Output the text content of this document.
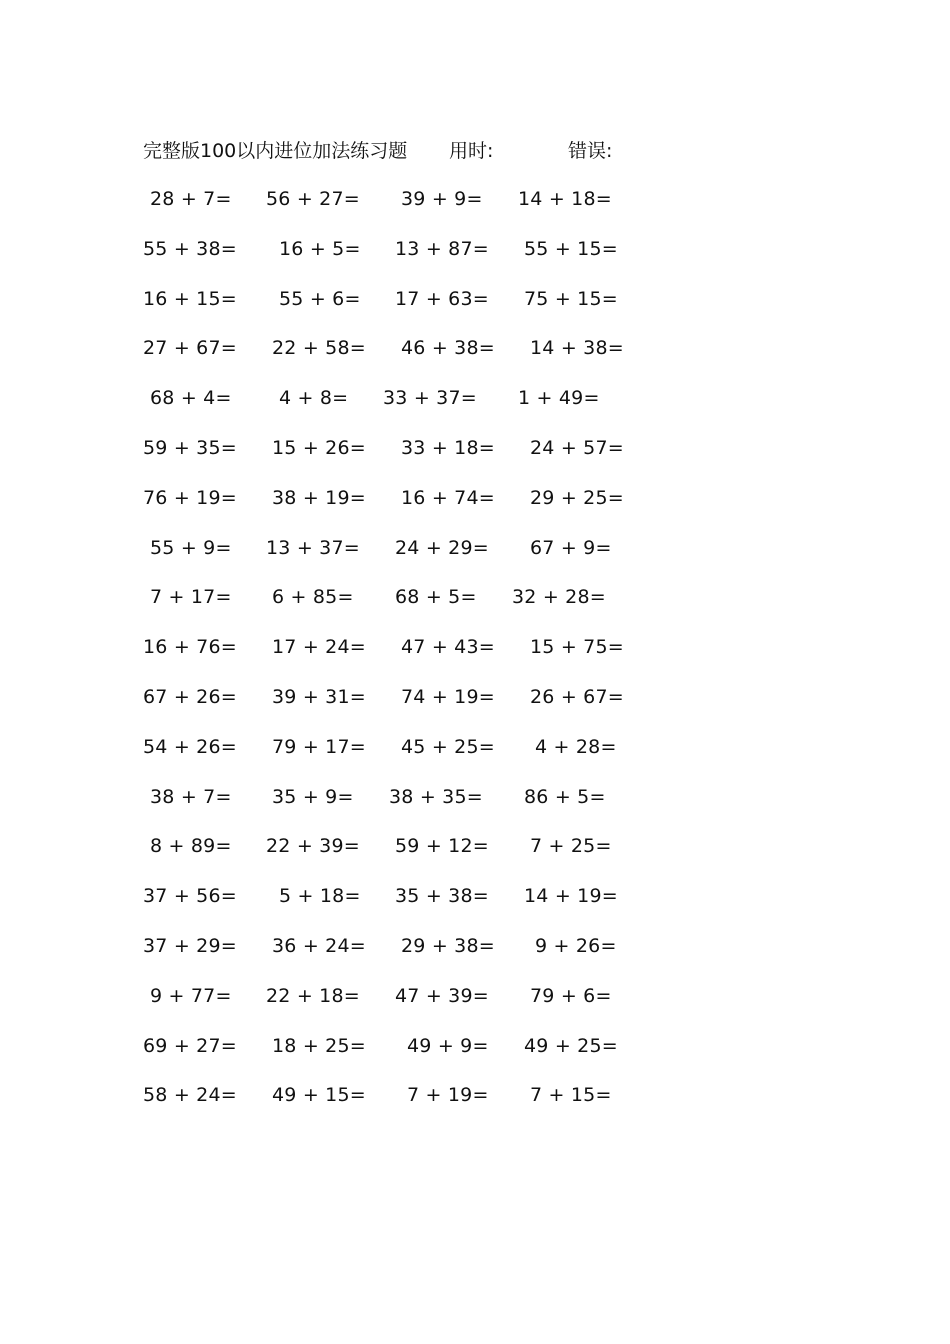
完整版100以内进位加法练习题 用时:	错误:
28 + 7= 56 + 27= 39 + 9= 14 + 18=
55 + 38= 16 + 5= 13 + 87= 55 + 15=
16 + 15= 55 + 6= 17 + 63= 75 + 15=
27 + 67= 22 + 58= 46 + 38= 14 + 38=
68 + 4= 4 + 8= 33 + 37= 1 + 49=
59 + 35= 15 + 26= 33 + 18= 24 + 57=
76 + 19= 38 + 19= 16 + 74= 29 + 25=
55 + 9= 13 + 37= 24 + 29= 67 + 9=
7 + 17= 6 + 85= 68 + 5= 32 + 28=
16 + 76= 17 + 24= 47 + 43= 15 + 75=
67 + 26= 39 + 31= 74 + 19= 26 + 67=
54 + 26= 79 + 17= 45 + 25= 4 + 28=
38 + 7= 35 + 9= 38 + 35= 86 + 5=
8 + 89= 22 + 39= 59 + 12= 7 + 25=
37 + 56= 5 + 18= 35 + 38= 14 + 19=
37 + 29= 36 + 24= 29 + 38= 9 + 26=
9 + 77= 22 + 18= 47 + 39= 79 + 6=
69 + 27= 18 + 25= 49 + 9= 49 + 25=
58 + 24= 49 + 15= 7 + 19= 7 + 15=
